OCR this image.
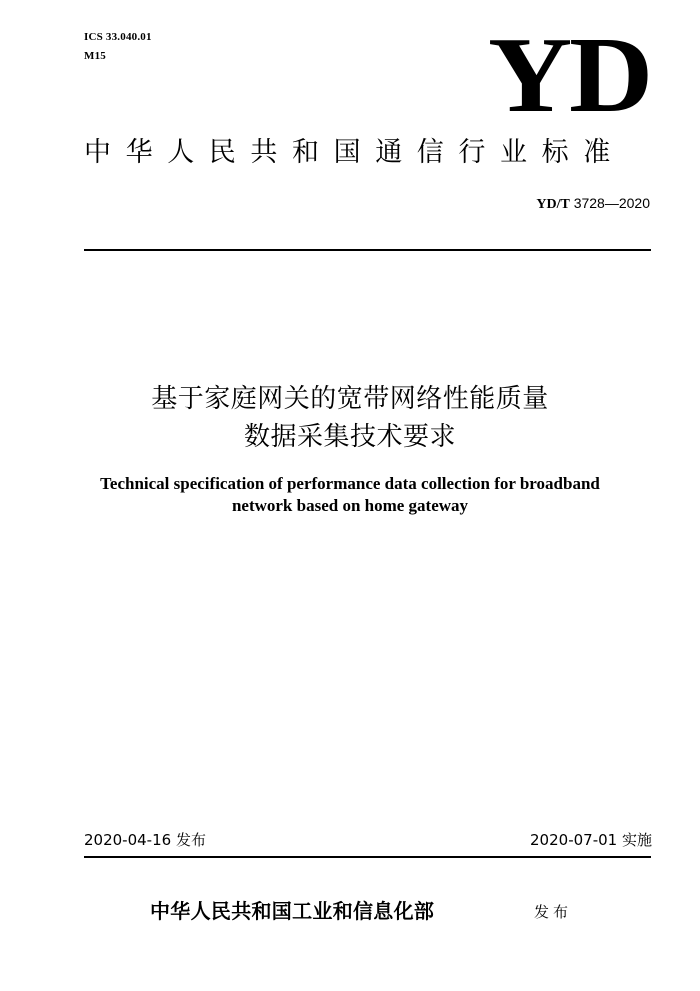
ICS 33.040.01
M15	YD
中华人民共和国通信行业标准
YD/T 3728—2020
基于家庭网关的宽带网络性能质量
数据采集技术要求
Technical specification of performance data collection for broadband
network based on home gateway
2020-04-16 发布	2020-07-01 实施
中华人民共和国工业和信息化部	发布
